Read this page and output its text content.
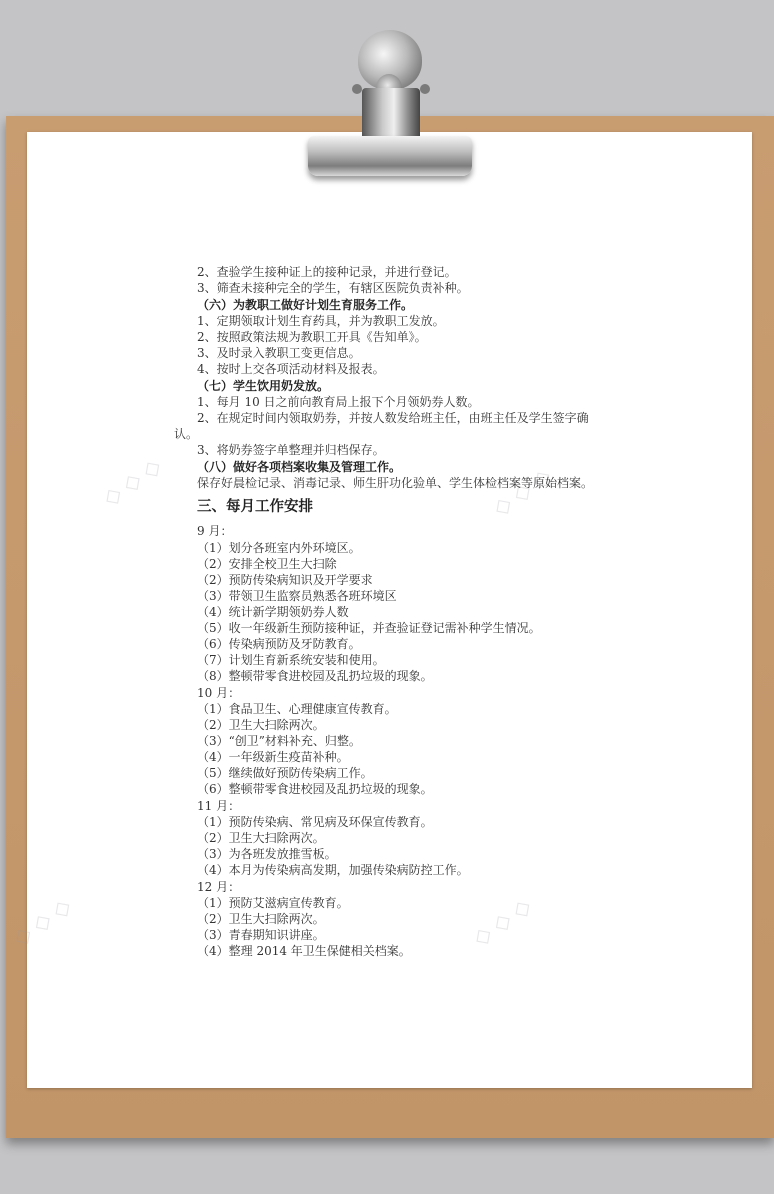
◇ ◇ ◇	◇ ◇ ◇
◇ ◇ ◇	◇ ◇ ◇

2、查验学生接种证上的接种记录，并进行登记。

3、筛查未接种完全的学生，有辖区医院负责补种。

（六）为教职工做好计划生育服务工作。

1、定期领取计划生育药具，并为教职工发放。

2、按照政策法规为教职工开具《告知单》。

3、及时录入教职工变更信息。

4、按时上交各项活动材料及报表。

（七）学生饮用奶发放。

1、每月 10 日之前向教育局上报下个月领奶券人数。

2、在规定时间内领取奶券，并按人数发给班主任，由班主任及学生签字确

认。

3、将奶券签字单整理并归档保存。

（八）做好各项档案收集及管理工作。

保存好晨检记录、消毒记录、师生肝功化验单、学生体检档案等原始档案。

三、每月工作安排

9 月：

（1）划分各班室内外环境区。

（2）安排全校卫生大扫除

（2）预防传染病知识及开学要求

（3）带领卫生监察员熟悉各班环境区

（4）统计新学期领奶券人数

（5）收一年级新生预防接种证，并查验证登记需补种学生情况。

（6）传染病预防及牙防教育。

（7）计划生育新系统安装和使用。

（8）整顿带零食进校园及乱扔垃圾的现象。

10 月：

（1）食品卫生、心理健康宣传教育。

（2）卫生大扫除两次。

（3）“创卫”材料补充、归整。

（4）一年级新生疫苗补种。

（5）继续做好预防传染病工作。

（6）整顿带零食进校园及乱扔垃圾的现象。

11 月：

（1）预防传染病、常见病及环保宣传教育。

（2）卫生大扫除两次。

（3）为各班发放推雪板。

（4）本月为传染病高发期，加强传染病防控工作。

12 月：

（1）预防艾滋病宣传教育。

（2）卫生大扫除两次。

（3）青春期知识讲座。

（4）整理 2014 年卫生保健相关档案。
